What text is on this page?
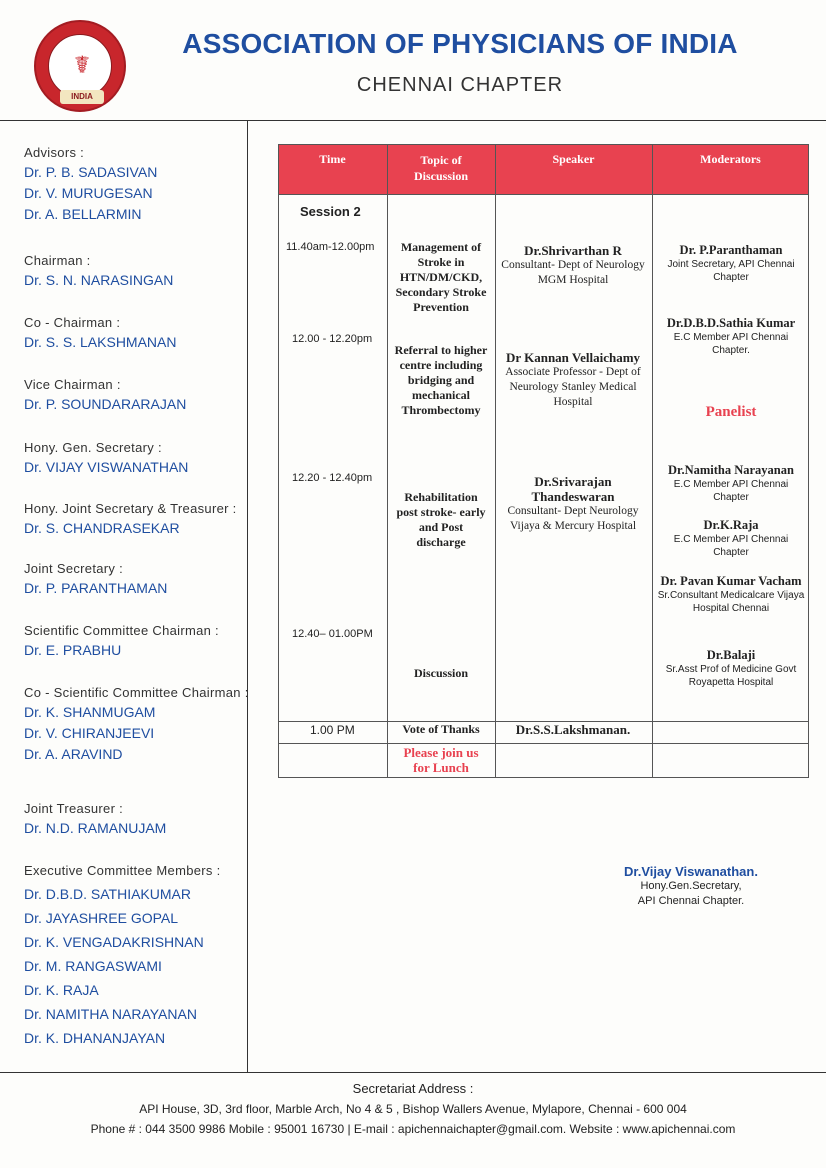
☤
INDIA
ASSOCIATION OF PHYSICIANS OF INDIA
CHENNAI CHAPTER
Advisors :
Dr. P. B. SADASIVAN
Dr. V. MURUGESAN
Dr. A. BELLARMIN
Chairman :
Dr. S. N. NARASINGAN
Co - Chairman :
Dr. S. S. LAKSHMANAN
Vice Chairman :
Dr. P. SOUNDARARAJAN
Hony. Gen. Secretary :
Dr. VIJAY VISWANATHAN
Hony. Joint Secretary & Treasurer :
Dr. S. CHANDRASEKAR
Joint Secretary :
Dr. P. PARANTHAMAN
Scientific Committee Chairman :
Dr. E. PRABHU
Co - Scientific Committee Chairman :
Dr. K. SHANMUGAM
Dr. V. CHIRANJEEVI
Dr. A. ARAVIND
Joint Treasurer :
Dr. N.D. RAMANUJAM
Executive Committee Members :
Dr. D.B.D. SATHIAKUMAR
Dr. JAYASHREE GOPAL
Dr. K. VENGADAKRISHNAN
Dr. M. RANGASWAMI
Dr. K. RAJA
Dr. NAMITHA NARAYANAN
Dr. K. DHANANJAYAN
Time	Topic of Discussion
Speaker	Moderators
Session 2
11.40am-12.00pm
12.00 - 12.20pm
12.20 - 12.40pm
12.40– 01.00PM
1.00 PM
Management of Stroke in HTN/DM/CKD, Secondary Stroke Prevention
Referral to higher centre including bridging and mechanical Thrombectomy
Rehabilitation post stroke- early and Post discharge
Discussion
Vote of Thanks
Please join us for Lunch
Dr.Shrivarthan R
Consultant- Dept of Neurology MGM Hospital
Dr Kannan Vellaichamy
Associate Professor - Dept of Neurology Stanley Medical Hospital
Dr.Srivarajan Thandeswaran
Consultant- Dept Neurology Vijaya & Mercury Hospital
Dr.S.S.Lakshmanan.
Dr. P.Paranthaman
Joint Secretary, API Chennai Chapter
Dr.D.B.D.Sathia Kumar
E.C Member API Chennai Chapter.
Panelist
Dr.Namitha Narayanan
E.C Member API Chennai Chapter
Dr.K.Raja
E.C Member API Chennai Chapter
Dr. Pavan Kumar Vacham
Sr.Consultant Medicalcare Vijaya Hospital Chennai
Dr.Balaji
Sr.Asst Prof of Medicine Govt Royapetta Hospital
Dr.Vijay Viswanathan.
Hony.Gen.Secretary,
API Chennai Chapter.
Secretariat Address :
API House, 3D, 3rd floor, Marble Arch, No 4 & 5 , Bishop Wallers Avenue, Mylapore, Chennai - 600 004
Phone # : 044 3500 9986 Mobile : 95001 16730 | E-mail : apichennaichapter@gmail.com. Website : www.apichennai.com
